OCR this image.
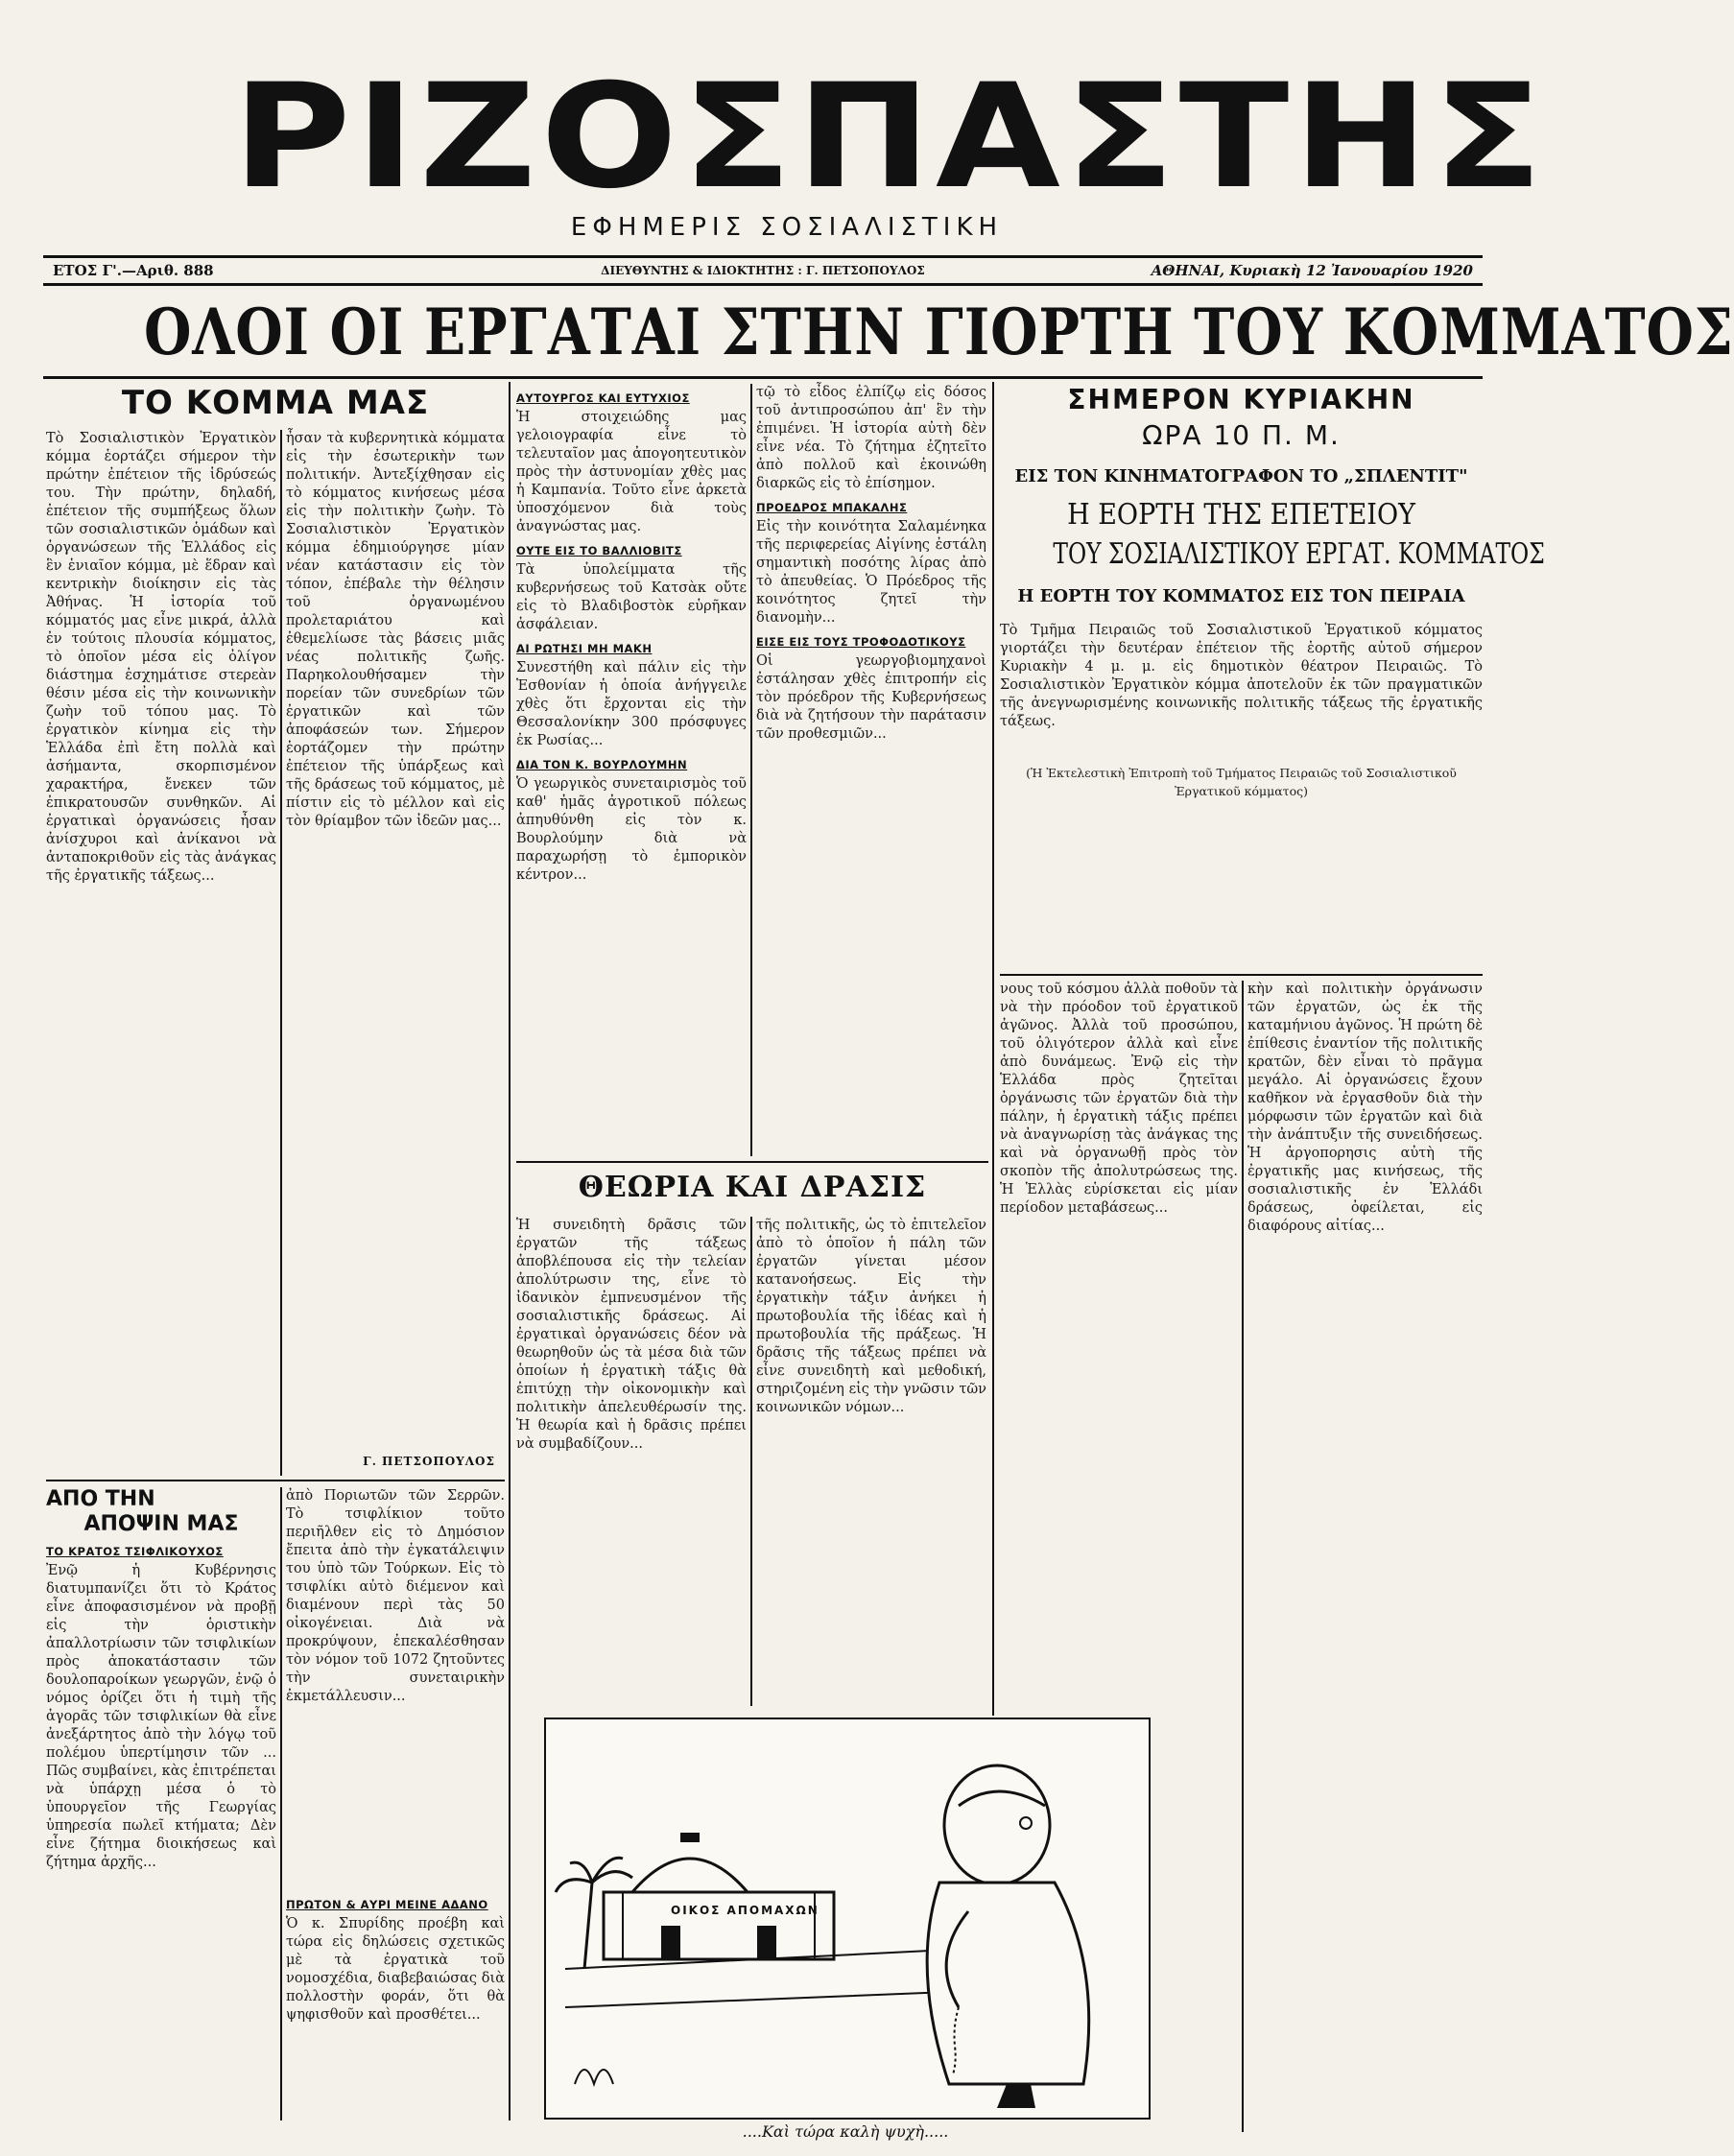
ΡΙΖΟΣΠΑΣΤΗΣ
ΕΦΗΜΕΡΙΣ ΣΟΣΙΑΛΙΣΤΙΚΗ
ΕΤΟΣ Γ'.—Αριθ. 888	ΔΙΕΥΘΥΝΤΗΣ & ΙΔΙΟΚΤΗΤΗΣ : Γ. ΠΕΤΣΟΠΟΥΛΟΣ	ΑΘΗΝΑΙ, Κυριακὴ 12 Ἰανουαρίου 1920
ΟΛΟΙ ΟΙ ΕΡΓΑΤΑΙ ΣΤΗΝ ΓΙΟΡΤΗ ΤΟΥ ΚΟΜΜΑΤΟΣ
ΤΟ ΚΟΜΜΑ ΜΑΣ
Τὸ Σοσιαλιστικὸν Ἐργατικὸν κόμμα ἑορτάζει σήμερον τὴν πρώτην ἐπέτειον τῆς ἱδρύσεώς του. Τὴν πρώτην, δηλαδή, ἐπέτειον τῆς συμπήξεως ὅλων τῶν σοσιαλιστικῶν ὁμάδων καὶ ὀργανώσεων τῆς Ἑλλάδος εἰς ἓν ἑνιαῖον κόμμα, μὲ ἕδραν καὶ κεντρικὴν διοίκησιν εἰς τὰς Ἀθήνας. Ἡ ἱστορία τοῦ κόμματός μας εἶνε μικρά, ἀλλὰ ἐν τούτοις πλουσία κόμματος, τὸ ὁποῖον μέσα εἰς ὀλίγον διάστημα ἐσχημάτισε στερεὰν θέσιν μέσα εἰς τὴν κοινωνικὴν ζωὴν τοῦ τόπου μας. Τὸ ἐργατικὸν κίνημα εἰς τὴν Ἑλλάδα ἐπὶ ἔτη πολλὰ καὶ ἀσήμαντα, σκορπισμένον χαρακτήρα, ἔνεκεν τῶν ἐπικρατουσῶν συνθηκῶν. Αἱ ἐργατικαὶ ὀργανώσεις ἦσαν ἀνίσχυροι καὶ ἀνίκανοι νὰ ἀνταποκριθοῦν εἰς τὰς ἀνάγκας τῆς ἐργατικῆς τάξεως...
ἦσαν τὰ κυβερνητικὰ κόμματα εἰς τὴν ἐσωτερικὴν των πολιτικήν. Ἀντεξίχθησαν εἰς τὸ κόμματος κινήσεως μέσα εἰς τὴν πολιτικὴν ζωὴν. Τὸ Σοσιαλιστικὸν Ἐργατικὸν κόμμα ἐδημιούργησε μίαν νέαν κατάστασιν εἰς τὸν τόπον, ἐπέβαλε τὴν θέλησιν τοῦ ὀργανωμένου προλεταριάτου καὶ ἐθεμελίωσε τὰς βάσεις μιᾶς νέας πολιτικῆς ζωῆς. Παρηκολουθήσαμεν τὴν πορείαν τῶν συνεδρίων τῶν ἐργατικῶν καὶ τῶν ἀποφάσεών των. Σήμερον ἑορτάζομεν τὴν πρώτην ἐπέτειον τῆς ὑπάρξεως καὶ τῆς δράσεως τοῦ κόμματος, μὲ πίστιν εἰς τὸ μέλλον καὶ εἰς τὸν θρίαμβον τῶν ἰδεῶν μας...
Γ. ΠΕΤΣΟΠΟΥΛΟΣ
ΑΠΟ ΤΗΝ
ΑΠΟΨΙΝ ΜΑΣ
ΤΟ ΚΡΑΤΟΣ ΤΣΙΦΛΙΚΟΥΧΟΣ
Ἐνῷ ἡ Κυβέρνησις διατυμπανίζει ὅτι τὸ Κράτος εἶνε ἀποφασισμένον νὰ προβῇ εἰς τὴν ὁριστικὴν ἀπαλλοτρίωσιν τῶν τσιφλικίων πρὸς ἀποκατάστασιν τῶν δουλοπαροίκων γεωργῶν, ἐνῷ ὁ νόμος ὁρίζει ὅτι ἡ τιμὴ τῆς ἀγορᾶς τῶν τσιφλικίων θὰ εἶνε ἀνεξάρτητος ἀπὸ τὴν λόγῳ τοῦ πολέμου ὑπερτίμησιν τῶν ... Πῶς συμβαίνει, κὰς ἐπιτρέπεται νὰ ὑπάρχῃ μέσα ὁ τὸ ὑπουργεῖον τῆς Γεωργίας ὑπηρεσία πωλεῖ κτήματα; Δὲν εἶνε ζήτημα διοικήσεως καὶ ζήτημα ἀρχῆς...
ἀπὸ Ποριωτῶν τῶν Σερρῶν. Τὸ τσιφλίκιον τοῦτο περιῆλθεν εἰς τὸ Δημόσιον ἔπειτα ἀπὸ τὴν ἐγκατάλειψιν του ὑπὸ τῶν Τούρκων. Εἰς τὸ τσιφλίκι αὐτὸ διέμενον καὶ διαμένουν περὶ τὰς 50 οἰκογένειαι. Διὰ νὰ προκρύψουν, ἐπεκαλέσθησαν τὸν νόμον τοῦ 1072 ζητοῦντες τὴν συνεταιρικὴν ἐκμετάλλευσιν...
ΠΡΩΤΟΝ & ΑΥΡΙ ΜΕΙΝΕ ΑΔΑΝΟ
Ὁ κ. Σπυρίδης προέβη καὶ τώρα εἰς δηλώσεις σχετικῶς μὲ τὰ ἐργατικὰ τοῦ νομοσχέδια, διαβεβαιώσας διὰ πολλοστὴν φοράν, ὅτι θὰ ψηφισθοῦν καὶ προσθέτει...
ΑΥΤΟΥΡΓΟΣ ΚΑΙ ΕΥΤΥΧΙΟΣ
Ἡ στοιχειώδης μας γελοιογραφία εἶνε τὸ τελευταῖον μας ἀπογοητευτικὸν πρὸς τὴν ἀστυνομίαν χθὲς μας ἡ Καμπανία. Τοῦτο εἶνε ἀρκετὰ ὑποσχόμενον διὰ τοὺς ἀναγνώστας μας.
ΟΥΤΕ ΕΙΣ ΤΟ ΒΑΛΛΙΟΒΙΤΣ
Τὰ ὑπολείμματα τῆς κυβερνήσεως τοῦ Κατσὰκ οὔτε εἰς τὸ Βλαδιβοστὸκ εὑρῆκαν ἀσφάλειαν.
ΑΙ ΡΩΤΗΣΙ ΜΗ ΜΑΚΗ
Συνεστήθη καὶ πάλιν εἰς τὴν Ἑσθονίαν ἡ ὁποία ἀνήγγειλε χθὲς ὅτι ἔρχονται εἰς τὴν Θεσσαλονίκην 300 πρόσφυγες ἐκ Ρωσίας...
ΔΙΑ ΤΟΝ Κ. ΒΟΥΡΛΟΥΜΗΝ
Ὁ γεωργικὸς συνεταιρισμὸς τοῦ καθ' ἡμᾶς ἀγροτικοῦ πόλεως ἀπηυθύνθη εἰς τὸν κ. Βουρλούμην διὰ νὰ παραχωρήσῃ τὸ ἐμπορικὸν κέντρον...
τῷ τὸ εἶδος ἐλπίζῳ εἰς δόσος τοῦ ἀντιπροσώπου ἀπ' ἓν τὴν ἐπιμένει. Ἡ ἱστορία αὐτὴ δὲν εἶνε νέα. Τὸ ζήτημα ἐζητεῖτο ἀπὸ πολλοῦ καὶ ἐκοινώθη διαρκῶς εἰς τὸ ἐπίσημον.
ΠΡΟΕΔΡΟΣ ΜΠΑΚΑΛΗΣ
Εἰς τὴν κοινότητα Σαλαμένηκα τῆς περιφερείας Αἰγίνης ἐστάλη σημαντικὴ ποσότης λίρας ἀπὸ τὸ ἀπευθείας. Ὁ Πρόεδρος τῆς κοινότητος ζητεῖ τὴν διανομὴν...
ΕΙΣΕ ΕΙΣ ΤΟΥΣ ΤΡΟΦΟΔΟΤΙΚΟΥΣ
Οἱ γεωργοβιομηχανοὶ ἐστάλησαν χθὲς ἐπιτροπήν εἰς τὸν πρόεδρον τῆς Κυβερνήσεως διὰ νὰ ζητήσουν τὴν παράτασιν τῶν προθεσμιῶν...
ΘΕΩΡΙΑ ΚΑΙ ΔΡΑΣΙΣ
Ἡ συνειδητὴ δρᾶσις τῶν ἐργατῶν τῆς τάξεως ἀποβλέπουσα εἰς τὴν τελείαν ἀπολύτρωσιν της, εἶνε τὸ ἰδανικὸν ἐμπνευσμένον τῆς σοσιαλιστικῆς δράσεως. Αἱ ἐργατικαὶ ὀργανώσεις δέον νὰ θεωρηθοῦν ὡς τὰ μέσα διὰ τῶν ὁποίων ἡ ἐργατικὴ τάξις θὰ ἐπιτύχῃ τὴν οἰκονομικὴν καὶ πολιτικὴν ἀπελευθέρωσίν της. Ἡ θεωρία καὶ ἡ δρᾶσις πρέπει νὰ συμβαδίζουν...
τῆς πολιτικῆς, ὡς τὸ ἐπιτελεῖον ἀπὸ τὸ ὁποῖον ἡ πάλη τῶν ἐργατῶν γίνεται μέσον κατανοήσεως. Εἰς τὴν ἐργατικὴν τάξιν ἀνήκει ἡ πρωτοβουλία τῆς ἰδέας καὶ ἡ πρωτοβουλία τῆς πράξεως. Ἡ δρᾶσις τῆς τάξεως πρέπει νὰ εἶνε συνειδητὴ καὶ μεθοδική, στηριζομένη εἰς τὴν γνῶσιν τῶν κοινωνικῶν νόμων...
ΣΗΜΕΡΟΝ ΚΥΡΙΑΚΗΝ
ΩΡΑ 10 Π. Μ.
ΕΙΣ ΤΟΝ ΚΙΝΗΜΑΤΟΓΡΑΦΟΝ ΤΟ „ΣΠΛΕΝΤΙΤ"
Η ΕΟΡΤΗ ΤΗΣ ΕΠΕΤΕΙΟΥ
ΤΟΥ ΣΟΣΙΑΛΙΣΤΙΚΟΥ ΕΡΓΑΤ. ΚΟΜΜΑΤΟΣ
Η ΕΟΡΤΗ ΤΟΥ ΚΟΜΜΑΤΟΣ ΕΙΣ ΤΟΝ ΠΕΙΡΑΙΑ
Τὸ Τμῆμα Πειραιῶς τοῦ Σοσιαλιστικοῦ Ἐργατικοῦ κόμματος γιορτάζει τὴν δευτέραν ἐπέτειον τῆς ἑορτῆς αὐτοῦ σήμερον Κυριακὴν 4 μ. μ. εἰς δημοτικὸν θέατρον Πειραιῶς. Τὸ Σοσιαλιστικὸν Ἐργατικὸν κόμμα ἀποτελοῦν ἐκ τῶν πραγματικῶν τῆς ἀνεγνωρισμένης κοινωνικῆς πολιτικῆς τάξεως τῆς ἐργατικῆς τάξεως.
(Ἡ Ἐκτελεστικὴ Ἐπιτροπὴ τοῦ Τμήματος Πειραιῶς τοῦ Σοσιαλιστικοῦ Ἐργατικοῦ κόμματος)
νους τοῦ κόσμου ἀλλὰ ποθοῦν τὰ νὰ τὴν πρόοδον τοῦ ἐργατικοῦ ἀγῶνος. Ἀλλὰ τοῦ προσώπου, τοῦ ὀλιγότερον ἀλλὰ καὶ εἶνε ἀπὸ δυνάμεως. Ἐνῷ εἰς τὴν Ἑλλάδα πρὸς ζητεῖται ὀργάνωσις τῶν ἐργατῶν διὰ τὴν πάλην, ἡ ἐργατικὴ τάξις πρέπει νὰ ἀναγνωρίσῃ τὰς ἀνάγκας της καὶ νὰ ὀργανωθῇ πρὸς τὸν σκοπὸν τῆς ἀπολυτρώσεως της. Ἡ Ἑλλὰς εὑρίσκεται εἰς μίαν περίοδον μεταβάσεως...
κὴν καὶ πολιτικὴν ὀργάνωσιν τῶν ἐργατῶν, ὡς ἐκ τῆς καταμήνιου ἀγῶνος. Ἡ πρώτη δὲ ἐπίθεσις ἐναντίον τῆς πολιτικῆς κρατῶν, δὲν εἶναι τὸ πρᾶγμα μεγάλο. Αἱ ὀργανώσεις ἔχουν καθῆκον νὰ ἐργασθοῦν διὰ τὴν μόρφωσιν τῶν ἐργατῶν καὶ διὰ τὴν ἀνάπτυξιν τῆς συνειδήσεως. Ἡ ἀργοπορησις αὐτὴ τῆς ἐργατικῆς μας κινήσεως, τῆς σοσιαλιστικῆς ἐν Ἑλλάδι δράσεως, ὀφείλεται, εἰς διαφόρους αἰτίας...
ΟΙΚΟΣ ΑΠΟΜΑΧΩΝ
....Καὶ τώρα καλὴ ψυχὴ.....
